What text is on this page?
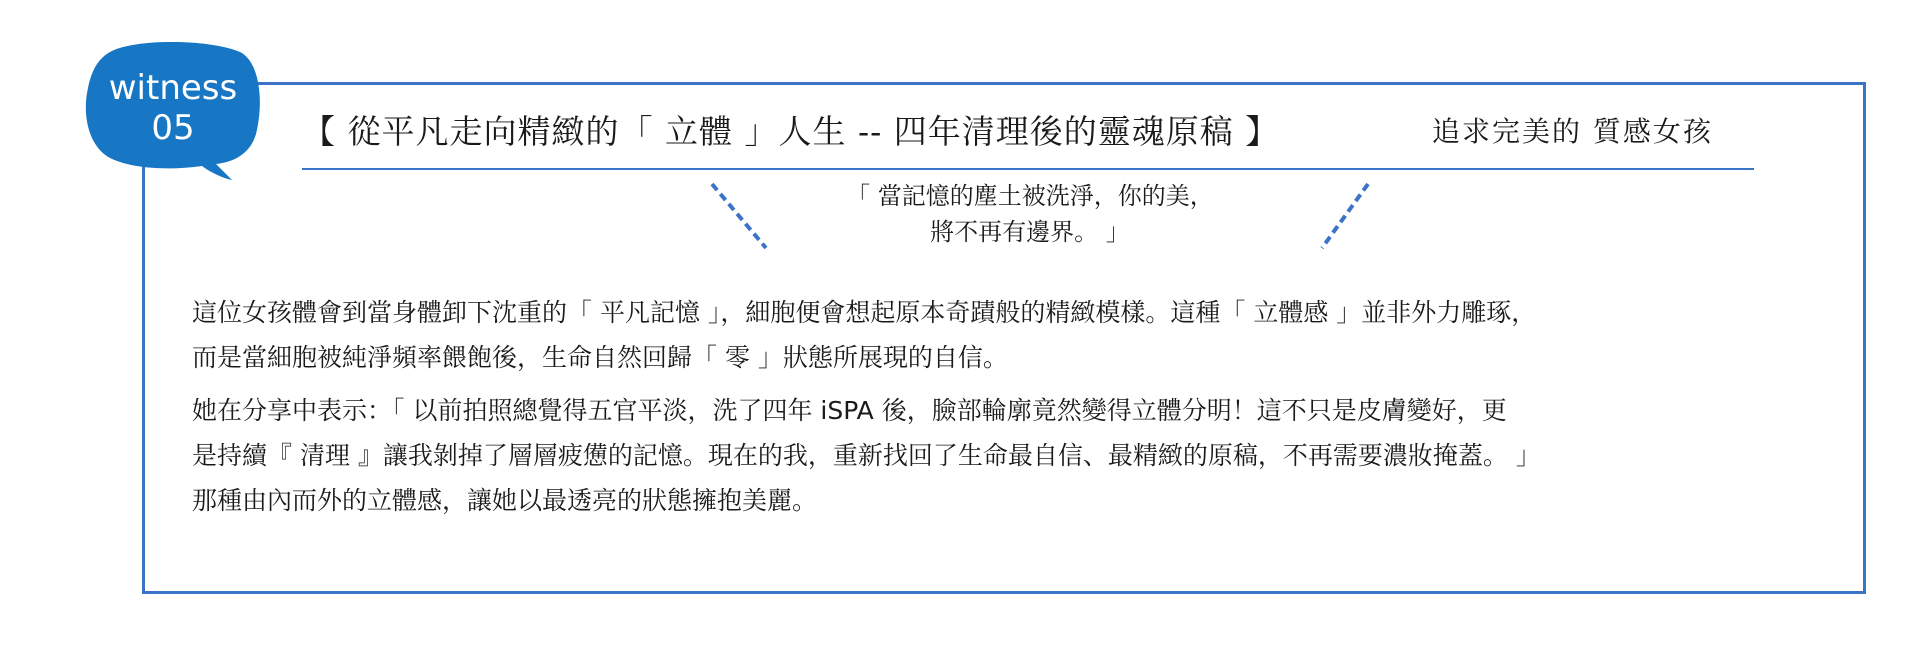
witness
05	【 從平凡走向精緻的「 立體 」人生 -- 四年清理後的靈魂原稿 】	追求完美的 質感女孩
「 當記憶的塵土被洗淨，你的美，
將不再有邊界。 」

這位女孩體會到當身體卸下沈重的「 平凡記憶 」，細胞便會想起原本奇蹟般的精緻模樣。這種「 立體感 」並非外力雕琢，
而是當細胞被純淨頻率餵飽後，生命自然回歸「 零 」狀態所展現的自信。

她在分享中表示：「 以前拍照總覺得五官平淡，洗了四年 iSPA 後，臉部輪廓竟然變得立體分明！這不只是皮膚變好，更
是持續『 清理 』讓我剝掉了層層疲憊的記憶。現在的我，重新找回了生命最自信、最精緻的原稿，不再需要濃妝掩蓋。 」
那種由內而外的立體感，讓她以最透亮的狀態擁抱美麗。
